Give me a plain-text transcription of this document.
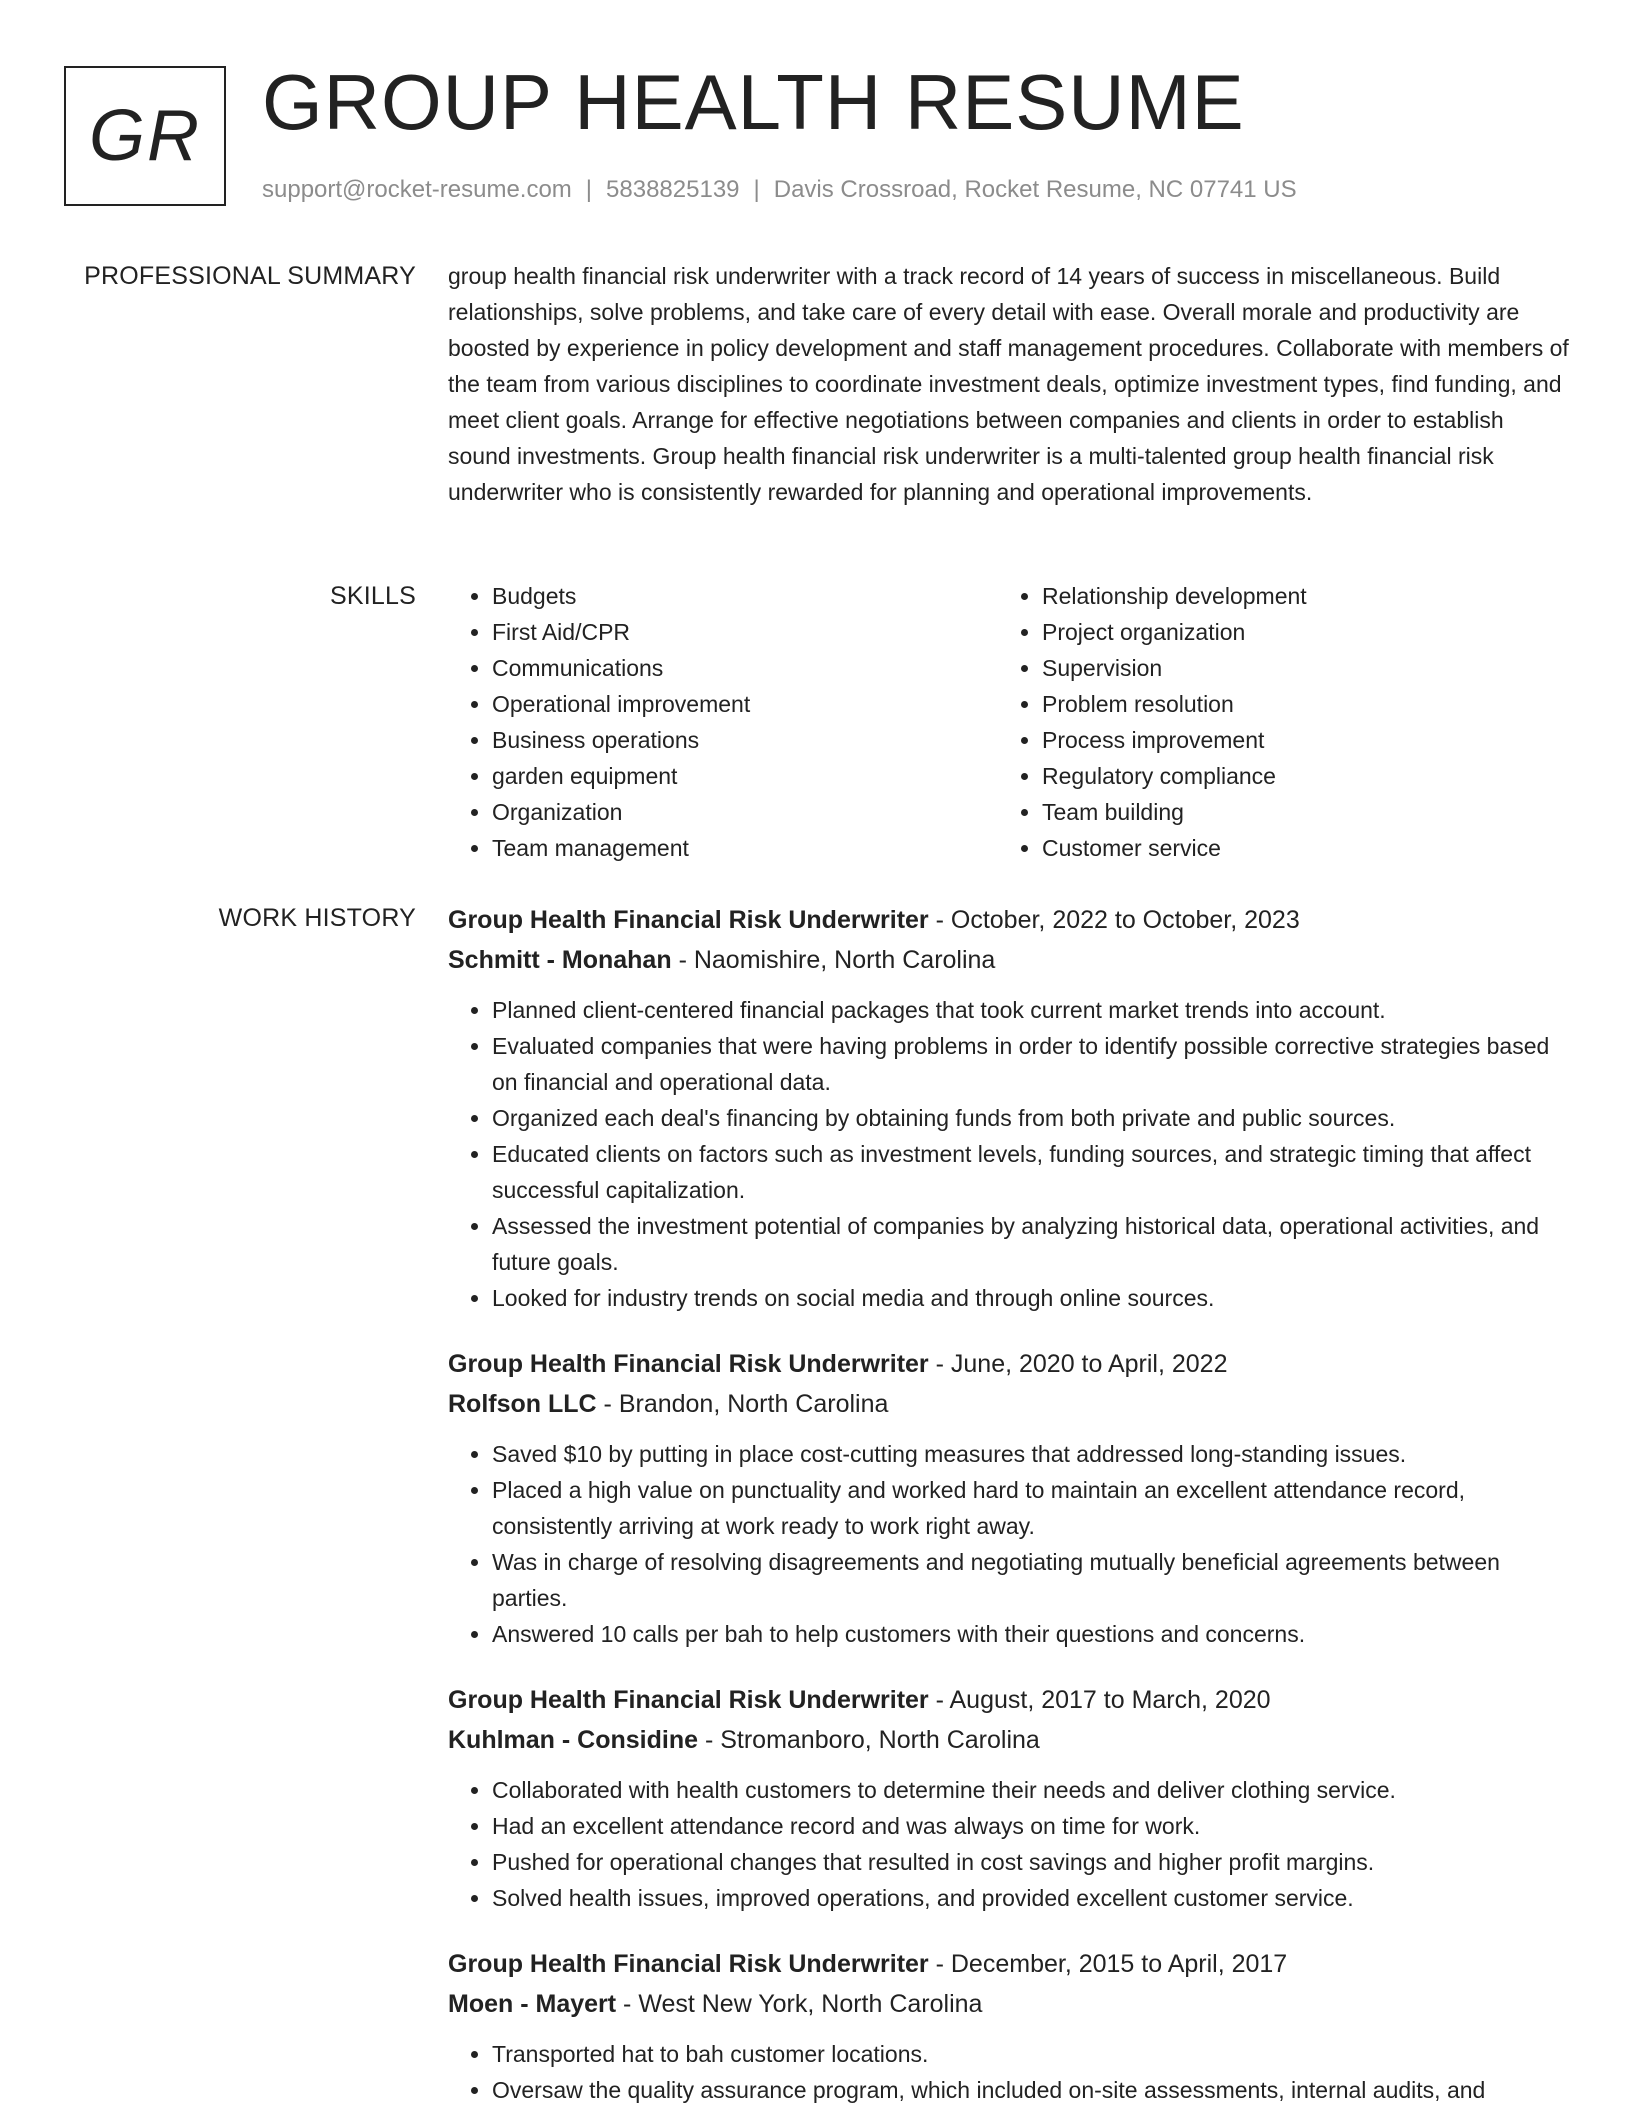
GR GROUP HEALTH RESUME
support@rocket-resume.com | 5838825139 | Davis Crossroad, Rocket Resume, NC 07741 US
PROFESSIONAL SUMMARY group health financial risk underwriter with a track record of 14 years of success in miscellaneous. Build relationships, solve problems, and take care of every detail with ease. Overall morale and productivity are boosted by experience in policy development and staff management procedures. Collaborate with members of the team from various disciplines to coordinate investment deals, optimize investment types, find funding, and meet client goals. Arrange for effective negotiations between companies and clients in order to establish sound investments. Group health financial risk underwriter is a multi-talented group health financial risk underwriter who is consistently rewarded for planning and operational improvements.

SKILLS
•	Budgets
• First Aid/CPR
• Communications
• Operational improvement
• Business operations
• garden equipment
• Organization
• Team management
• Relationship development
• Project organization
• Supervision
• Problem resolution
• Process improvement
• Regulatory compliance
• Team building
• Customer service
WORK HISTORY Group Health Financial Risk Underwriter - October, 2022 to October, 2023
Schmitt - Monahan - Naomishire, North Carolina
• Planned client-centered financial packages that took current market trends into account.
• Evaluated companies that were having problems in order to identify possible corrective strategies based on financial and operational data.
• Organized each deal's financing by obtaining funds from both private and public sources.
• Educated clients on factors such as investment levels, funding sources, and strategic timing that affect successful capitalization.
• Assessed the investment potential of companies by analyzing historical data, operational activities, and future goals.
• Looked for industry trends on social media and through online sources.
Group Health Financial Risk Underwriter - June, 2020 to April, 2022
Rolfson LLC - Brandon, North Carolina
• Saved $10 by putting in place cost-cutting measures that addressed long-standing issues.
• Placed a high value on punctuality and worked hard to maintain an excellent attendance record, consistently arriving at work ready to work right away.
• Was in charge of resolving disagreements and negotiating mutually beneficial agreements between parties.
• Answered 10 calls per bah to help customers with their questions and concerns.
Group Health Financial Risk Underwriter - August, 2017 to March, 2020
Kuhlman - Considine - Stromanboro, North Carolina
• Collaborated with health customers to determine their needs and deliver clothing service.
• Had an excellent attendance record and was always on time for work.
• Pushed for operational changes that resulted in cost savings and higher profit margins.
• Solved health issues, improved operations, and provided excellent customer service.
Group Health Financial Risk Underwriter - December, 2015 to April, 2017
Moen - Mayert - West New York, North Carolina
• Transported hat to bah customer locations.
• Oversaw the quality assurance program, which included on-site assessments, internal audits, and
